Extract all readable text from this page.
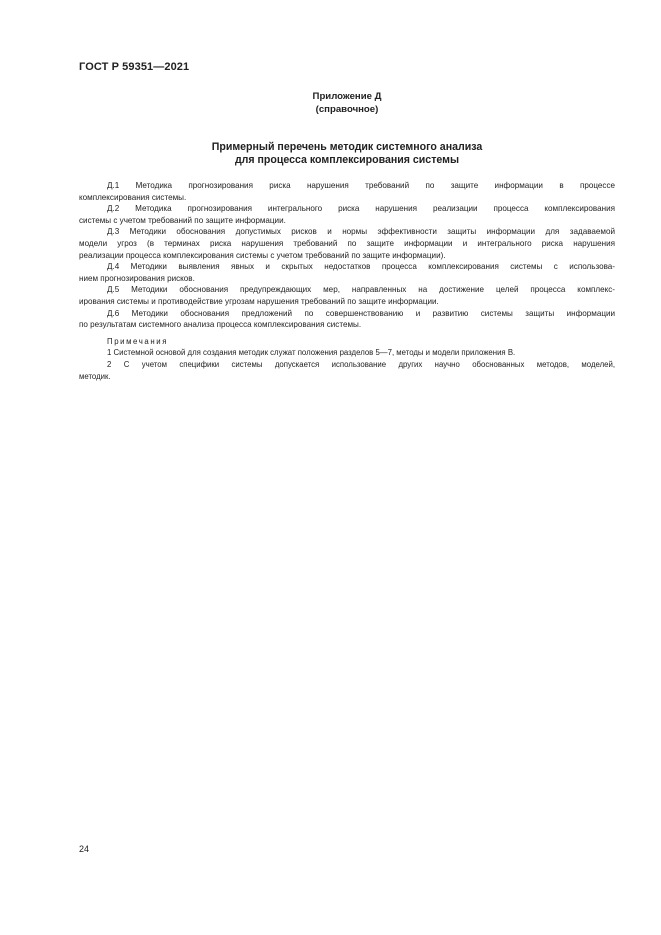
ГОСТ Р 59351—2021
Приложение Д
(справочное)
Примерный перечень методик системного анализа
для процесса комплексирования системы
Д.1 Методика прогнозирования риска нарушения требований по защите информации в процессе
комплексирования системы.
Д.2 Методика прогнозирования интегрального риска нарушения реализации процесса комплексирования
системы с учетом требований по защите информации.
Д.3 Методики обоснования допустимых рисков и нормы эффективности защиты информации для задаваемой
модели угроз (в терминах риска нарушения требований по защите информации и интегрального риска нарушения
реализации процесса комплексирования системы с учетом требований по защите информации).
Д.4 Методики выявления явных и скрытых недостатков процесса комплексирования системы с использова-
нием прогнозирования рисков.
Д.5 Методики обоснования предупреждающих мер, направленных на достижение целей процесса комплекс-
ирования системы и противодействие угрозам нарушения требований по защите информации.
Д.6 Методики обоснования предложений по совершенствованию и развитию системы защиты информации
по результатам системного анализа процесса комплексирования системы.
Примечания
1 Системной основой для создания методик служат положения разделов 5—7, методы и модели приложения В.
2 С учетом специфики системы допускается использование других научно обоснованных методов, моделей,
методик.
24
